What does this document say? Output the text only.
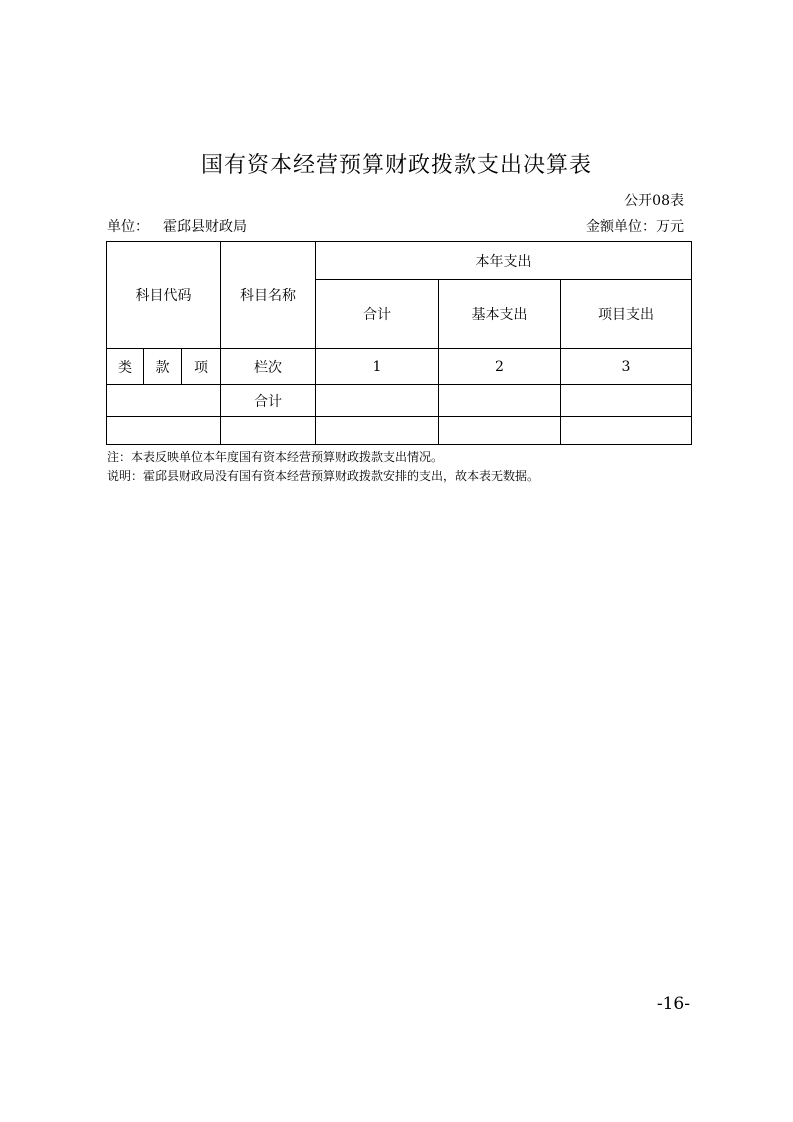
国有资本经营预算财政拨款支出决算表
公开08表
单位： 霍邱县财政局	金额单位：万元
科目代码			科目名称	本年支出		
				合计	基本支出	项目支出
类	款	项	栏次	1	2	3
			合计			

注：本表反映单位本年度国有资本经营预算财政拨款支出情况。
说明：霍邱县财政局没有国有资本经营预算财政拨款安排的支出，故本表无数据。
-16-
